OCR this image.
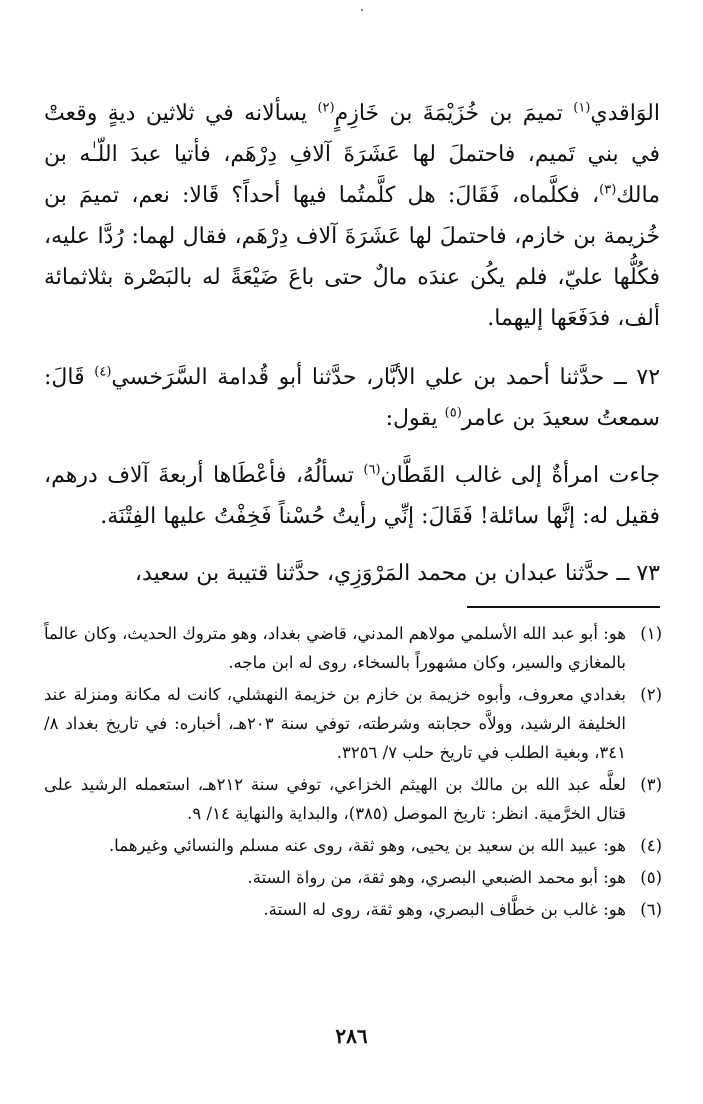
الوَاقدي$^{(١)}$ تميمَ بن خُزَيْمَةَ بن خَازِمٍ$^{(٢)}$ يسألانه في ثلاثين ديةٍ وقعتْ في بني تَميم، فاحتملَ لها عَشَرَةَ آلافِ دِرْهَم، فأتيا عبدَ اللّـٰه بن مالك$^{(٣)}$، فكلَّماه، فَقَالَ: هل كلَّمتُما فيها أحداً؟ قَالا: نعم، تميمَ بن خُزيمة بن خازم، فاحتملَ لها عَشَرَةَ آلاف دِرْهَم، فقال لهما: رُدَّا عليه، فكُلُّها عليّ، فلم يكُن عندَه مالٌ حتى باعَ ضَيْعَةً له بالبَصْرة بثلاثمائة ألف، فدَفَعَها إليهما.
٧٢ ــ حدَّثنا أحمد بن علي الأبَّار، حدَّثنا أبو قُدامة السَّرَخسي$^{(٤)}$ قَالَ: سمعتُ سعيدَ بن عامر$^{(٥)}$ يقول:
جاءت امرأةٌ إلى غالب القَطَّان$^{(٦)}$ تسألُهُ، فأعْطَاها أربعةَ آلاف درهم، فقيل له: إنَّها سائلة! فَقَالَ: إنِّي رأيتُ حُسْناً فَخِفْتُ عليها الفِتْنَة.
٧٣ ــ حدَّثنا عبدان بن محمد المَرْوَزِي، حدَّثنا قتيبة بن سعيد،
(١)
هو: أبو عبد الله الأسلمي مولاهم المدني، قاضي بغداد، وهو متروك الحديث، وكان عالماً بالمغازي والسير، وكان مشهوراً بالسخاء، روى له ابن ماجه.
(٢)
بغدادي معروف، وأبوه خزيمة بن خازم بن خزيمة النهشلي، كانت له مكانة ومنزلة عند الخليفة الرشيد، وولاَّه حجابته وشرطته، توفي سنة ٢٠٣هـ، أخباره: في تاريخ بغداد ٨/ ٣٤١، وبغية الطلب في تاريخ حلب ٧/ ٣٢٥٦.
(٣)
لعلَّه عبد الله بن مالك بن الهيثم الخزاعي، توفي سنة ٢١٢هـ، استعمله الرشيد على قتال الخرَّمية. انظر: تاريخ الموصل (٣٨٥)، والبداية والنهاية ١٤/ ٩.
(٤)
هو: عبيد الله بن سعيد بن يحيى، وهو ثقة، روى عنه مسلم والنسائي وغيرهما.
(٥)
هو: أبو محمد الضبعي البصري، وهو ثقة، من رواة الستة.
(٦)
هو: غالب بن خطَّاف البصري، وهو ثقة، روى له الستة.
٢٨٦
